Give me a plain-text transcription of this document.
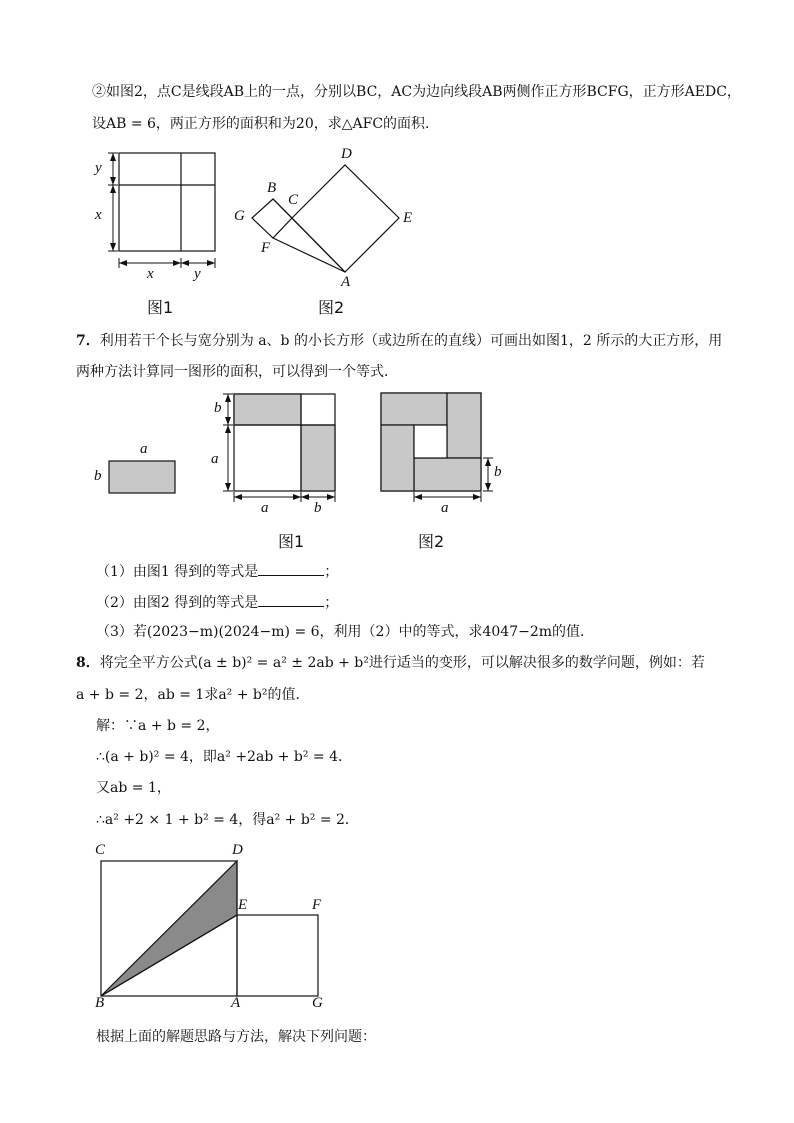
②如图2，点C是线段AB上的一点，分别以BC，AC为边向线段AB两侧作正方形BCFG，正方形AEDC，
设AB = 6，两正方形的面积和为20，求△AFC的面积．
y
x
x	y
图1
D
B
C
G	E
F
A
图2
7．利用若干个长与宽分别为 a、b 的小长方形（或边所在的直线）可画出如图1，2 所示的大正方形，用
两种方法计算同一图形的面积，可以得到一个等式．
a
b
b
a
a	b
b
a
图1	图2
（1）由图1 得到的等式是	；
（2）由图2 得到的等式是	；
（3）若(2023−m)(2024−m) = 6，利用（2）中的等式，求4047−2m的值．
8．将完全平方公式(a ± b)² = a² ± 2ab + b²进行适当的变形，可以解决很多的数学问题，例如：若
a + b = 2，ab = 1求a² + b²的值．
解：∵a + b = 2，
∴(a + b)² = 4，即a² +2ab + b² = 4．
又ab = 1，
∴a² +2 × 1 + b² = 4，得a² + b² = 2．
C	D
E	F
B	A	G
根据上面的解题思路与方法，解决下列问题：
